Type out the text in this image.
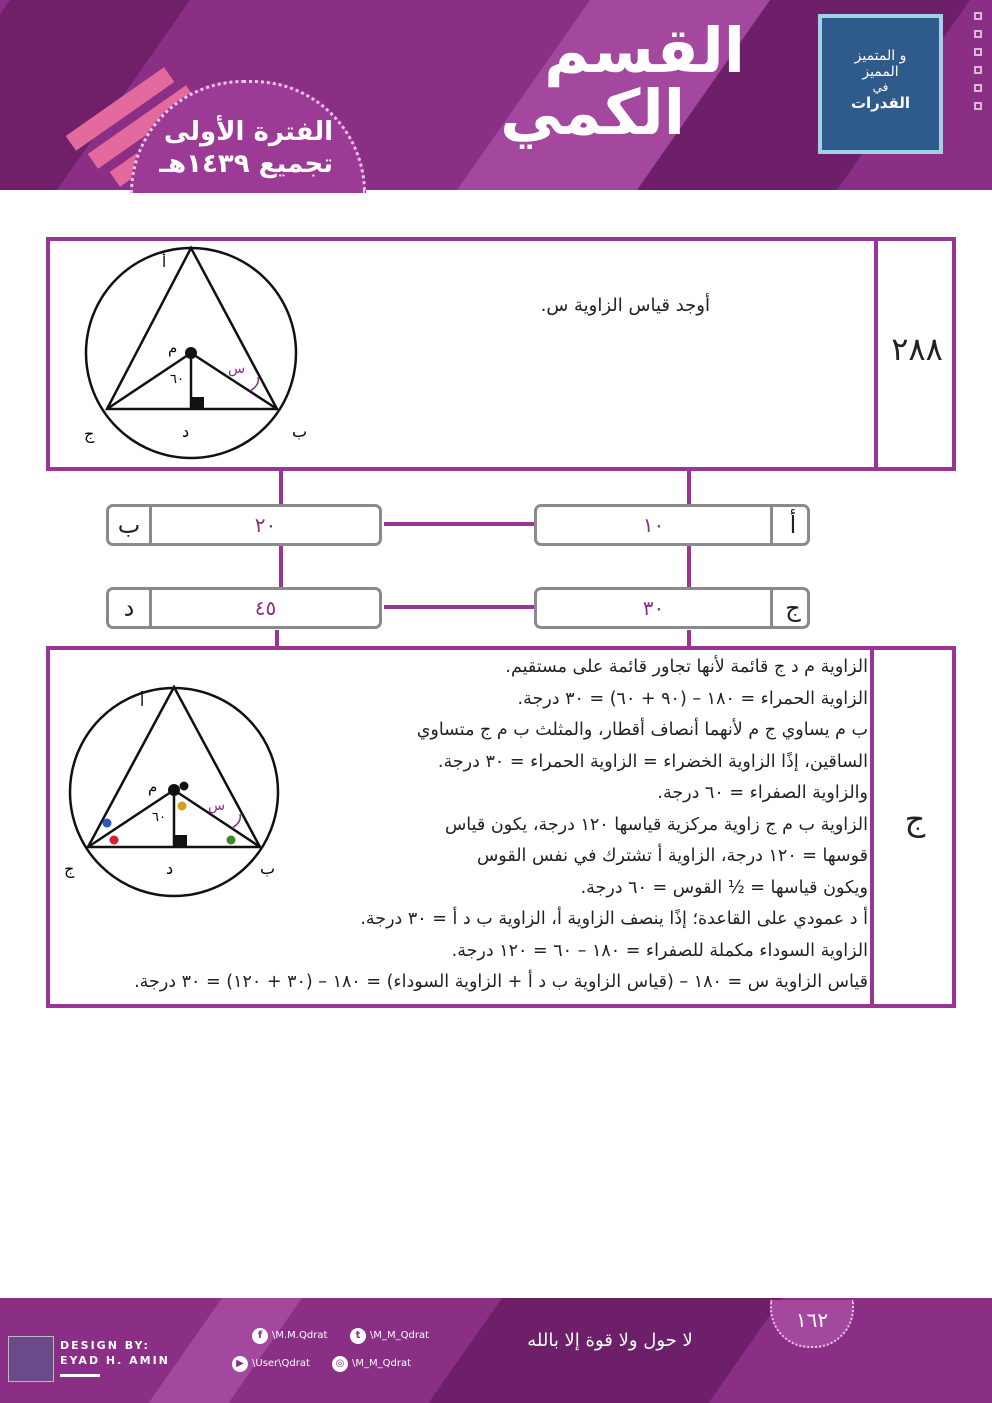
الفترة الأولى
تجميع ١٤٣٩هـ
القسم
الكمي
و المتميز
المميز
في
القدرات
٢٨٨
أوجد قياس الزاوية س.
أ
م
٦٠
س
ج	د	ب
ب	٢٠	١٠	أ
د	٤٥	٣٠	ج
ج
أ
م
٦٠
س
ج	د	ب
الزاوية م د ج قائمة لأنها تجاور قائمة على مستقيم.
الزاوية الحمراء = ١٨٠ – (٩٠ + ٦٠) = ٣٠ درجة.
ب م يساوي ج م لأنهما أنصاف أقطار، والمثلث ب م ج متساوي
الساقين، إذًا الزاوية الخضراء = الزاوية الحمراء = ٣٠ درجة.
والزاوية الصفراء = ٦٠ درجة.
الزاوية ب م ج زاوية مركزية قياسها ١٢٠ درجة، يكون قياس
قوسها = ١٢٠ درجة، الزاوية أ تشترك في نفس القوس
ويكون قياسها = ½ القوس = ٦٠ درجة.
أ د عمودي على القاعدة؛ إذًا ينصف الزاوية أ، الزاوية ب د أ = ٣٠ درجة.
الزاوية السوداء مكملة للصفراء = ١٨٠ – ٦٠ = ١٢٠ درجة.
قياس الزاوية س = ١٨٠ – (قياس الزاوية ب د أ + الزاوية السوداء) = ١٨٠ – (٣٠ + ١٢٠) = ٣٠ درجة.
DESIGN BY:
EYAD H. AMIN
f \M.M.Qdrat	t \M_M_Qdrat
▶ \User\Qdrat	◎ \M_M_Qdrat
لا حول ولا قوة إلا بالله
١٦٢
